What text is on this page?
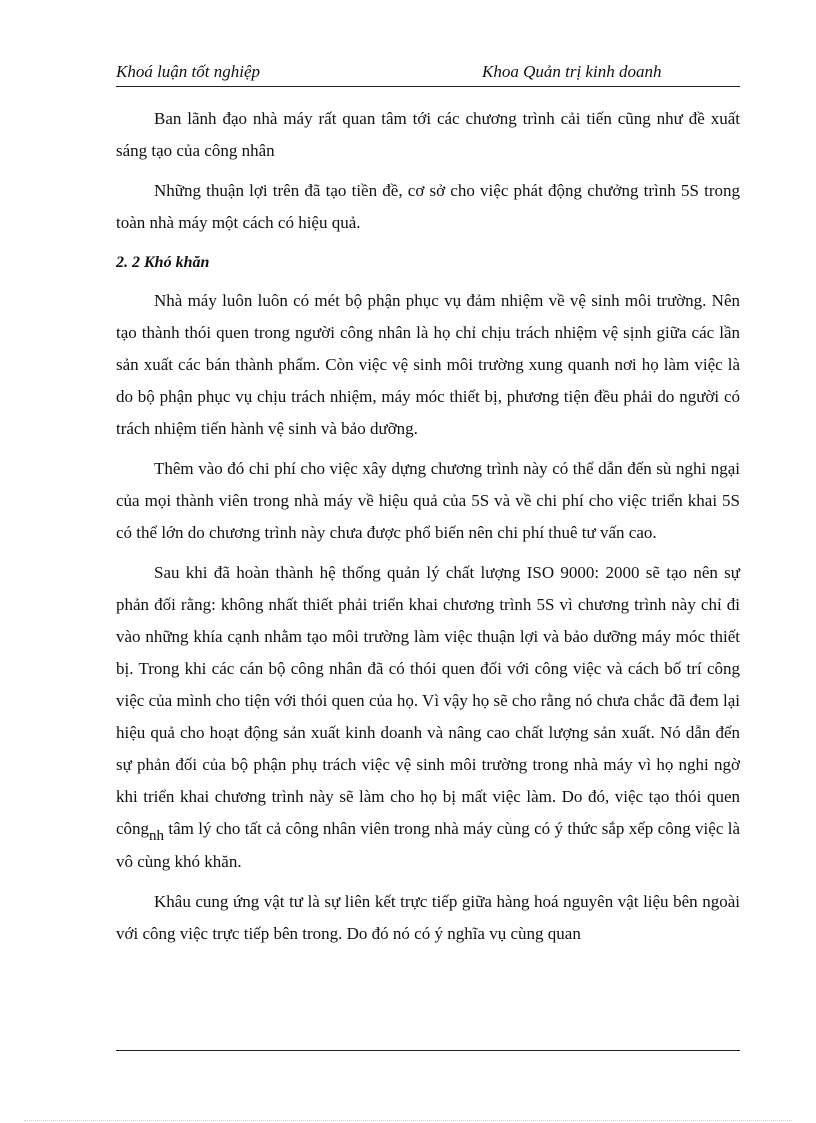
Khoá luận tốt nghiệp	Khoa Quản trị kinh doanh

Ban lãnh đạo nhà máy rất quan tâm tới các chương trình cải tiến cũng như đề xuất sáng tạo của công nhân

Những thuận lợi trên đã tạo tiền đề, cơ sở cho việc phát động chưởng trình 5S trong toàn nhà máy một cách có hiệu quả.

2. 2 Khó khăn

Nhà máy luôn luôn có mét bộ phận phục vụ đảm nhiệm về vệ sinh môi trường. Nên tạo thành thói quen trong người công nhân là họ chỉ chịu trách nhiệm vệ sịnh giữa các lần sản xuất các bán thành phẩm. Còn việc vệ sinh môi trường xung quanh nơi họ làm việc là do bộ phận phục vụ chịu trách nhiệm, máy móc thiết bị, phương tiện đều phải do người có trách nhiệm tiến hành vệ sinh và bảo dưỡng.

Thêm vào đó chi phí cho việc xây dựng chương trình này có thể dẫn đến sù nghi ngại của mọi thành viên trong nhà máy về hiệu quả của 5S và về chi phí cho việc triển khai 5S có thể lớn do chương trình này chưa được phổ biến nên chi phí thuê tư vấn cao.

Sau khi đã hoàn thành hệ thống quản lý chất lượng ISO 9000: 2000 sẽ tạo nên sự phản đối rằng: không nhất thiết phải triển khai chương trình 5S vì chương trình này chỉ đi vào những khía cạnh nhằm tạo môi trường làm việc thuận lợi và bảo dưỡng máy móc thiết bị. Trong khi các cán bộ công nhân đã có thói quen đối với công việc và cách bố trí công việc của mình cho tiện với thói quen của họ. Vì vậy họ sẽ cho rằng nó chưa chắc đã đem lại hiệu quả cho hoạt động sản xuất kinh doanh và nâng cao chất lượng sản xuất. Nó dẫn đến sự phản đối của bộ phận phụ trách việc vệ sinh môi trường trong nhà máy vì họ nghi ngờ khi triển khai chương trình này sẽ làm cho họ bị mất việc làm. Do đó, việc tạo thói quen côngnh tâm lý cho tất cả công nhân viên trong nhà máy cùng có ý thức sắp xếp công việc là vô cùng khó khăn.

Khâu cung ứng vật tư là sự liên kết trực tiếp giữa hàng hoá nguyên vật liệu bên ngoài với công việc trực tiếp bên trong. Do đó nó có ý nghĩa vụ cùng quan
